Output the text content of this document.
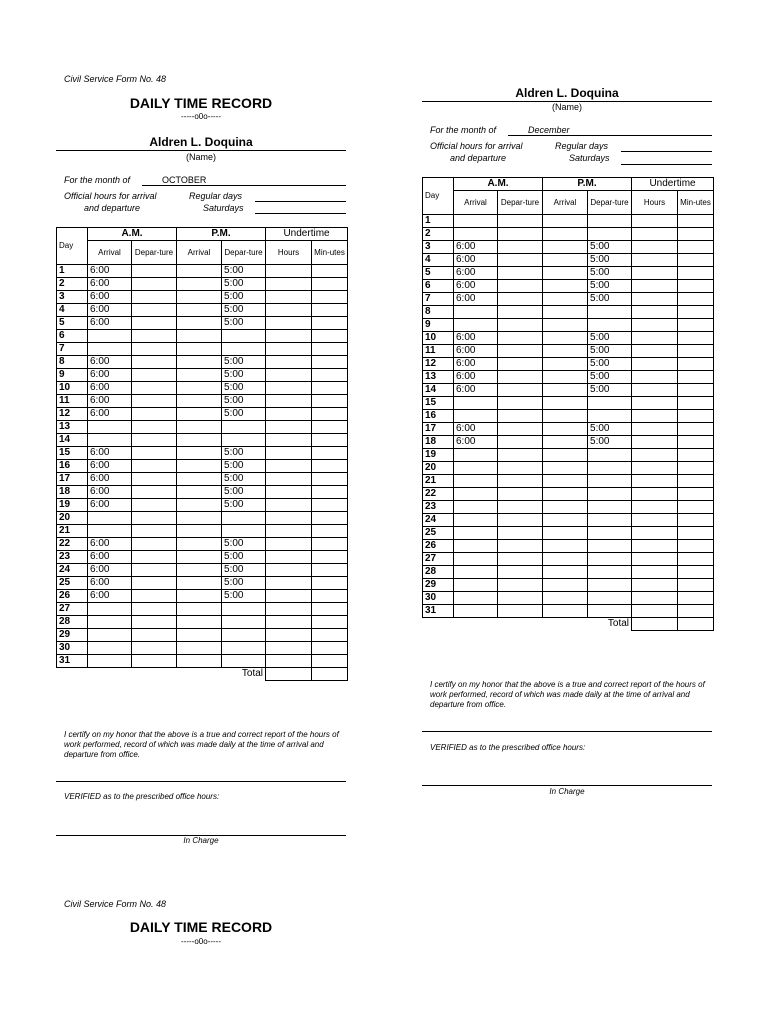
Civil Service Form No. 48
DAILY TIME RECORD
-----o0o-----
Aldren L. Doquina
(Name)
For the month of	OCTOBER
Official hours for arrival
and departure
Regular days
Saturdays
Day	A.M.		P.M.		Undertime	
	Arrival	Depar-ture	Arrival	Depar-ture	Hours	Min-utes
1	6:00			5:00		
2	6:00			5:00		
3	6:00			5:00		
4	6:00			5:00		
5	6:00			5:00		
6						
7						
8	6:00			5:00		
9	6:00			5:00		
10	6:00			5:00		
11	6:00			5:00		
12	6:00			5:00		
13						
14						
15	6:00			5:00		
16	6:00			5:00		
17	6:00			5:00		
18	6:00			5:00		
19	6:00			5:00		
20						
21						
22	6:00			5:00		
23	6:00			5:00		
24	6:00			5:00		
25	6:00			5:00		
26	6:00			5:00		
27						
28						
29						
30						
31						
Total						
I certify on my honor that the above is a true and correct report of the hours of work performed, record of which was made daily at the time of arrival and departure from office.
VERIFIED as to the prescribed office hours:
In Charge
Civil Service Form No. 48
DAILY TIME RECORD
-----o0o-----
Aldren L. Doquina
(Name)
For the month of	December
Official hours for arrival
and departure
Regular days
Saturdays
Day	A.M.		P.M.		Undertime	
	Arrival	Depar-ture	Arrival	Depar-ture	Hours	Min-utes
1						
2						
3	6:00			5:00		
4	6:00			5:00		
5	6:00			5:00		
6	6:00			5:00		
7	6:00			5:00		
8						
9						
10	6:00			5:00		
11	6:00			5:00		
12	6:00			5:00		
13	6:00			5:00		
14	6:00			5:00		
15						
16						
17	6:00			5:00		
18	6:00			5:00		
19						
20						
21						
22						
23						
24						
25						
26						
27						
28						
29						
30						
31						
Total						
I certify on my honor that the above is a true and correct report of the hours of work performed, record of which was made daily at the time of arrival and departure from office.
VERIFIED as to the prescribed office hours:
In Charge
